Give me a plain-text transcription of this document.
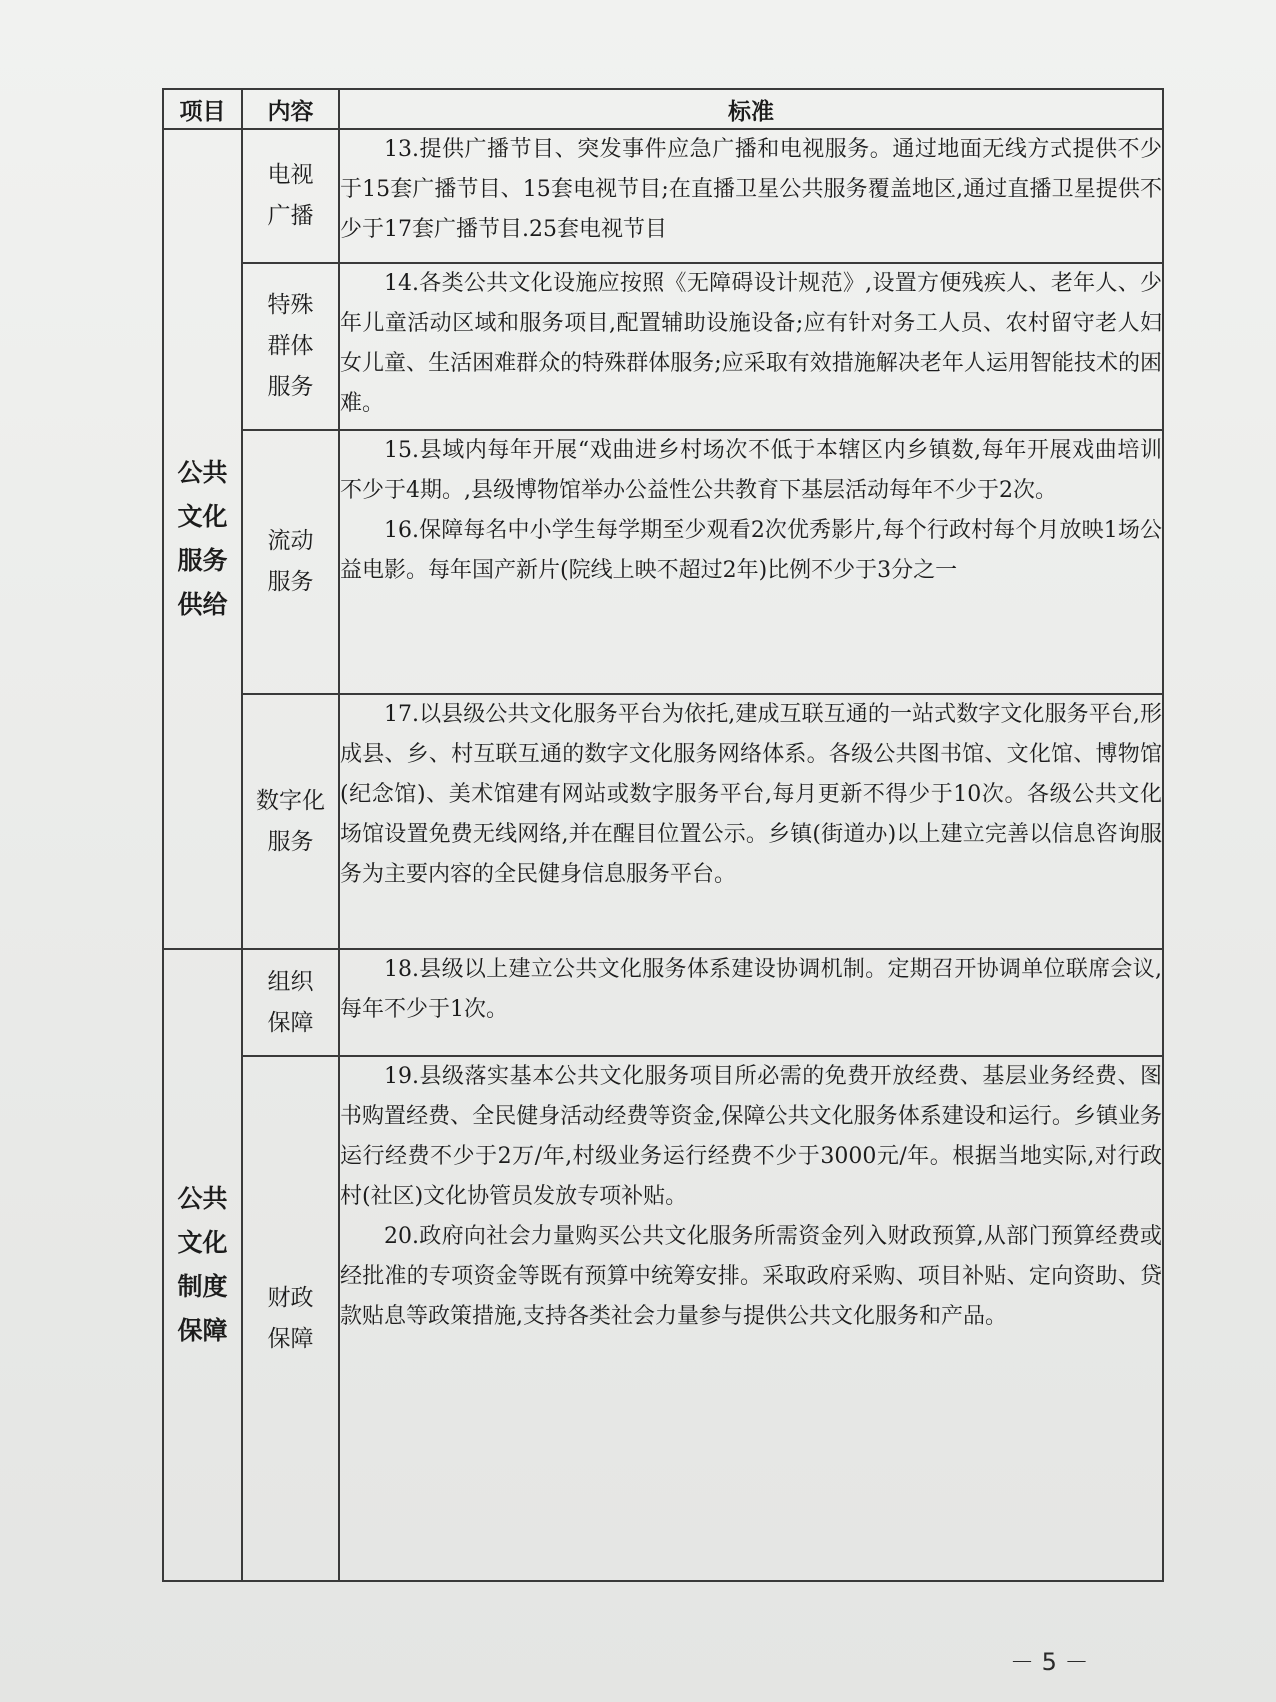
项目	内容	标准

公共文化服务供给	电视广播	13.提供广播节目、突发事件应急广播和电视服务。通过地面无线方式提供不少于15套广播节目、15套电视节目;在直播卫星公共服务覆盖地区,通过直播卫星提供不少于17套广播节目.25套电视节目

	特殊群体服务	14.各类公共文化设施应按照《无障碍设计规范》,设置方便残疾人、老年人、少年儿童活动区域和服务项目,配置辅助设施设备;应有针对务工人员、农村留守老人妇女儿童、生活困难群众的特殊群体服务;应采取有效措施解决老年人运用智能技术的困难。

	流动服务	15.县域内每年开展“戏曲进乡村场次不低于本辖区内乡镇数,每年开展戏曲培训不少于4期。,县级博物馆举办公益性公共教育下基层活动每年不少于2次。

16.保障每名中小学生每学期至少观看2次优秀影片,每个行政村每个月放映1场公益电影。每年国产新片(院线上映不超过2年)比例不少于3分之一

	数字化服务	17.以县级公共文化服务平台为依托,建成互联互通的一站式数字文化服务平台,形成县、乡、村互联互通的数字文化服务网络体系。各级公共图书馆、文化馆、博物馆(纪念馆)、美术馆建有网站或数字服务平台,每月更新不得少于10次。各级公共文化场馆设置免费无线网络,并在醒目位置公示。乡镇(街道办)以上建立完善以信息咨询服务为主要内容的全民健身信息服务平台。

公共文化制度保障	组织保障	18.县级以上建立公共文化服务体系建设协调机制。定期召开协调单位联席会议,每年不少于1次。

	财政保障	19.县级落实基本公共文化服务项目所必需的免费开放经费、基层业务经费、图书购置经费、全民健身活动经费等资金,保障公共文化服务体系建设和运行。乡镇业务运行经费不少于2万/年,村级业务运行经费不少于3000元/年。根据当地实际,对行政村(社区)文化协管员发放专项补贴。

20.政府向社会力量购买公共文化服务所需资金列入财政预算,从部门预算经费或经批准的专项资金等既有预算中统筹安排。采取政府采购、项目补贴、定向资助、贷款贴息等政策措施,支持各类社会力量参与提供公共文化服务和产品。

－ 5 －
